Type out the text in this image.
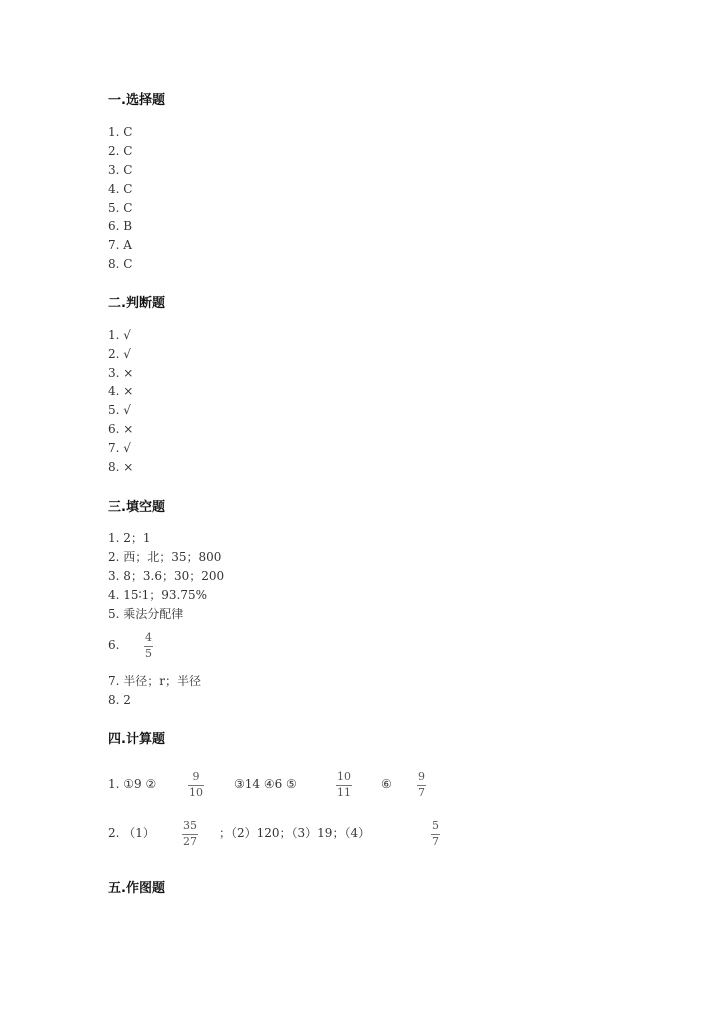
一.选择题
1. C
2. C
3. C
4. C
5. C
6. B
7. A
8. C
二.判断题
1. √
2. √
3. ×
4. ×
5. √
6. ×
7. √
8. ×
三.填空题
1. 2；1
2. 西；北；35；800
3. 8；3.6；30；200
4. 15∶1；93.75%
5. 乘法分配律
6.
4
5
7. 半径；r；半径
8. 2
四.计算题
1. ①9 ②
9
10
③14 ④6 ⑤
10
11
⑥
9
7
2. （1）
35
27
；（2）120；（3）19；（4）
5
7
五.作图题
